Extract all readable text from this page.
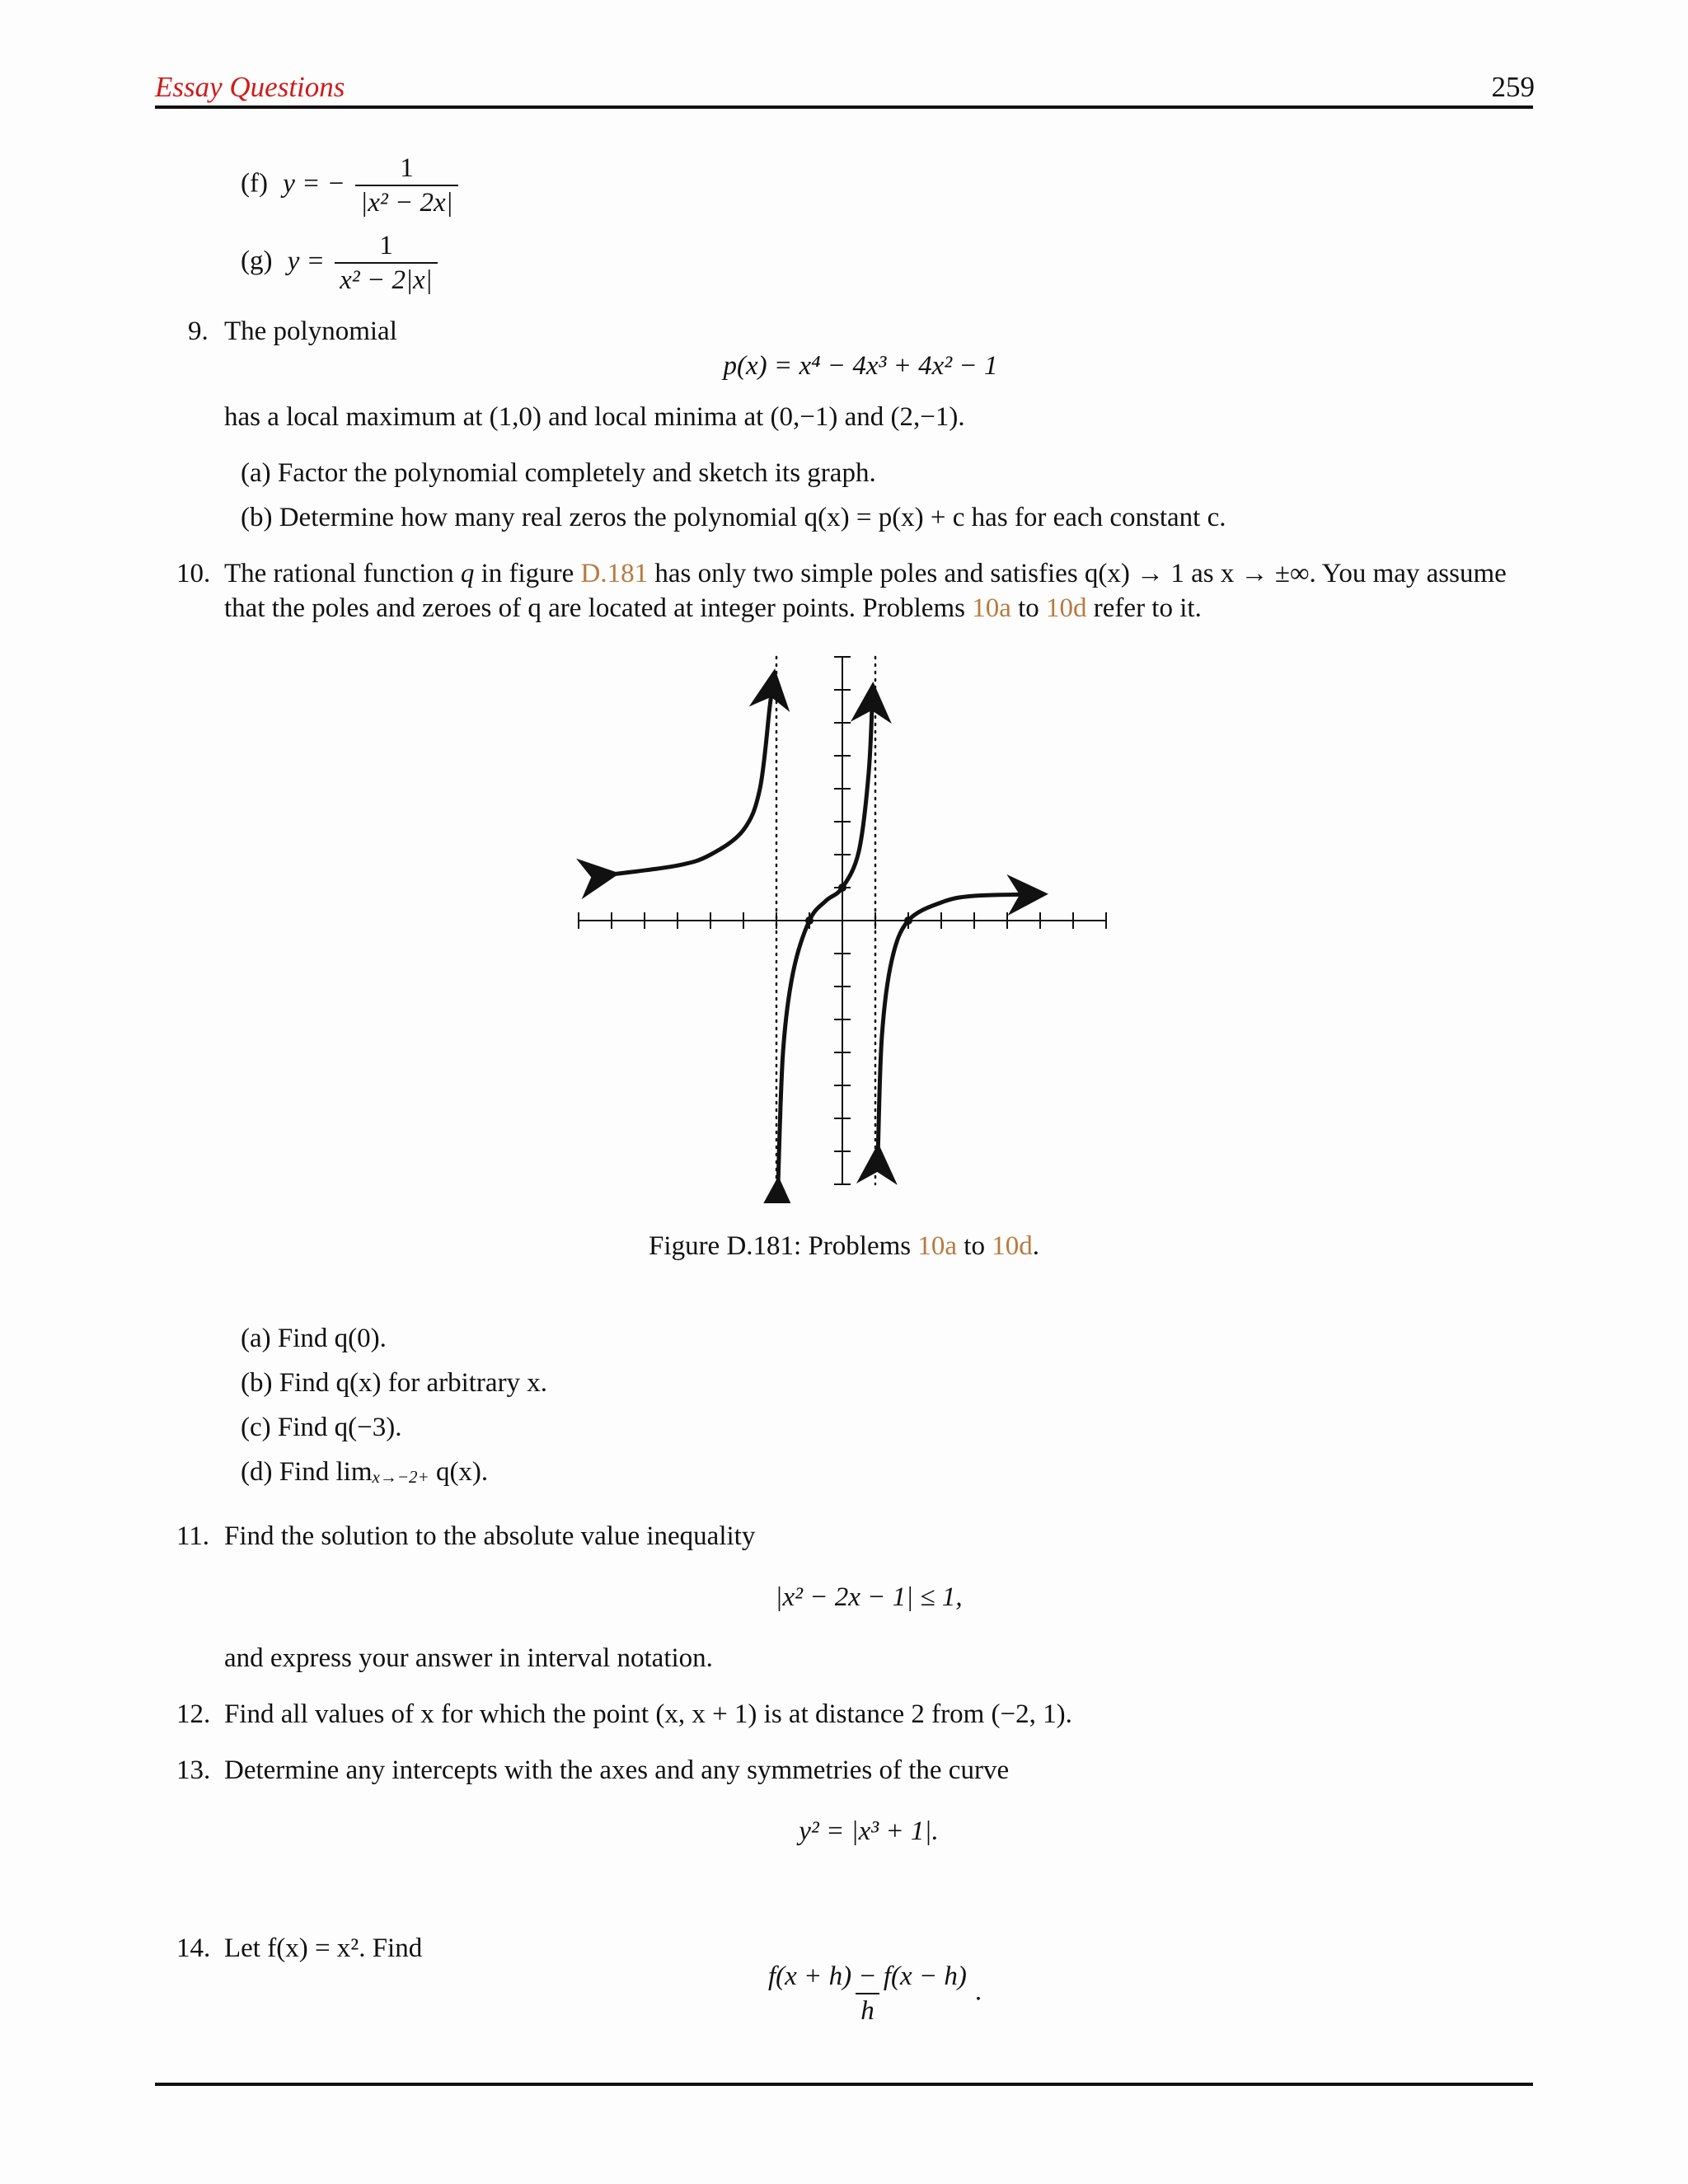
Essay Questions	259
(f) y = − $\frac{1}{\text{|x² − 2x|}}$
(g) $y = \frac{1}{\text{x² − 2|x|}}$
9. The polynomial
p(x) = x⁴ − 4x³ + 4x² − 1
has a local maximum at (1,0) and local minima at (0,−1) and (2,−1).
(a) Factor the polynomial completely and sketch its graph.
(b) Determine how many real zeros the polynomial q(x) = p(x) + c has for each constant c.
10. The rational function q in figure D.181 has only two simple poles and satisfies q(x) → 1 as x → ±∞. You may assume
that the poles and zeroes of q are located at integer points. Problems 10a to 10d refer to it.
Figure D.181: Problems 10a to 10d.
(a) Find q(0).
(b) Find q(x) for arbitrary x.
(c) Find q(−3).
(d) Find $\lim_{x\to-2+} q(x)$.
11. Find the solution to the absolute value inequality
|x² − 2x − 1| ≤ 1,
and express your answer in interval notation.
12. Find all values of x for which the point (x, x + 1) is at distance 2 from (−2, 1).
13. Determine any intercepts with the axes and any symmetries of the curve
y² = |x³ + 1|.
14. Let f(x) = x². Find
$\frac{f(x + h) - f(x - h)}{h}$ .
